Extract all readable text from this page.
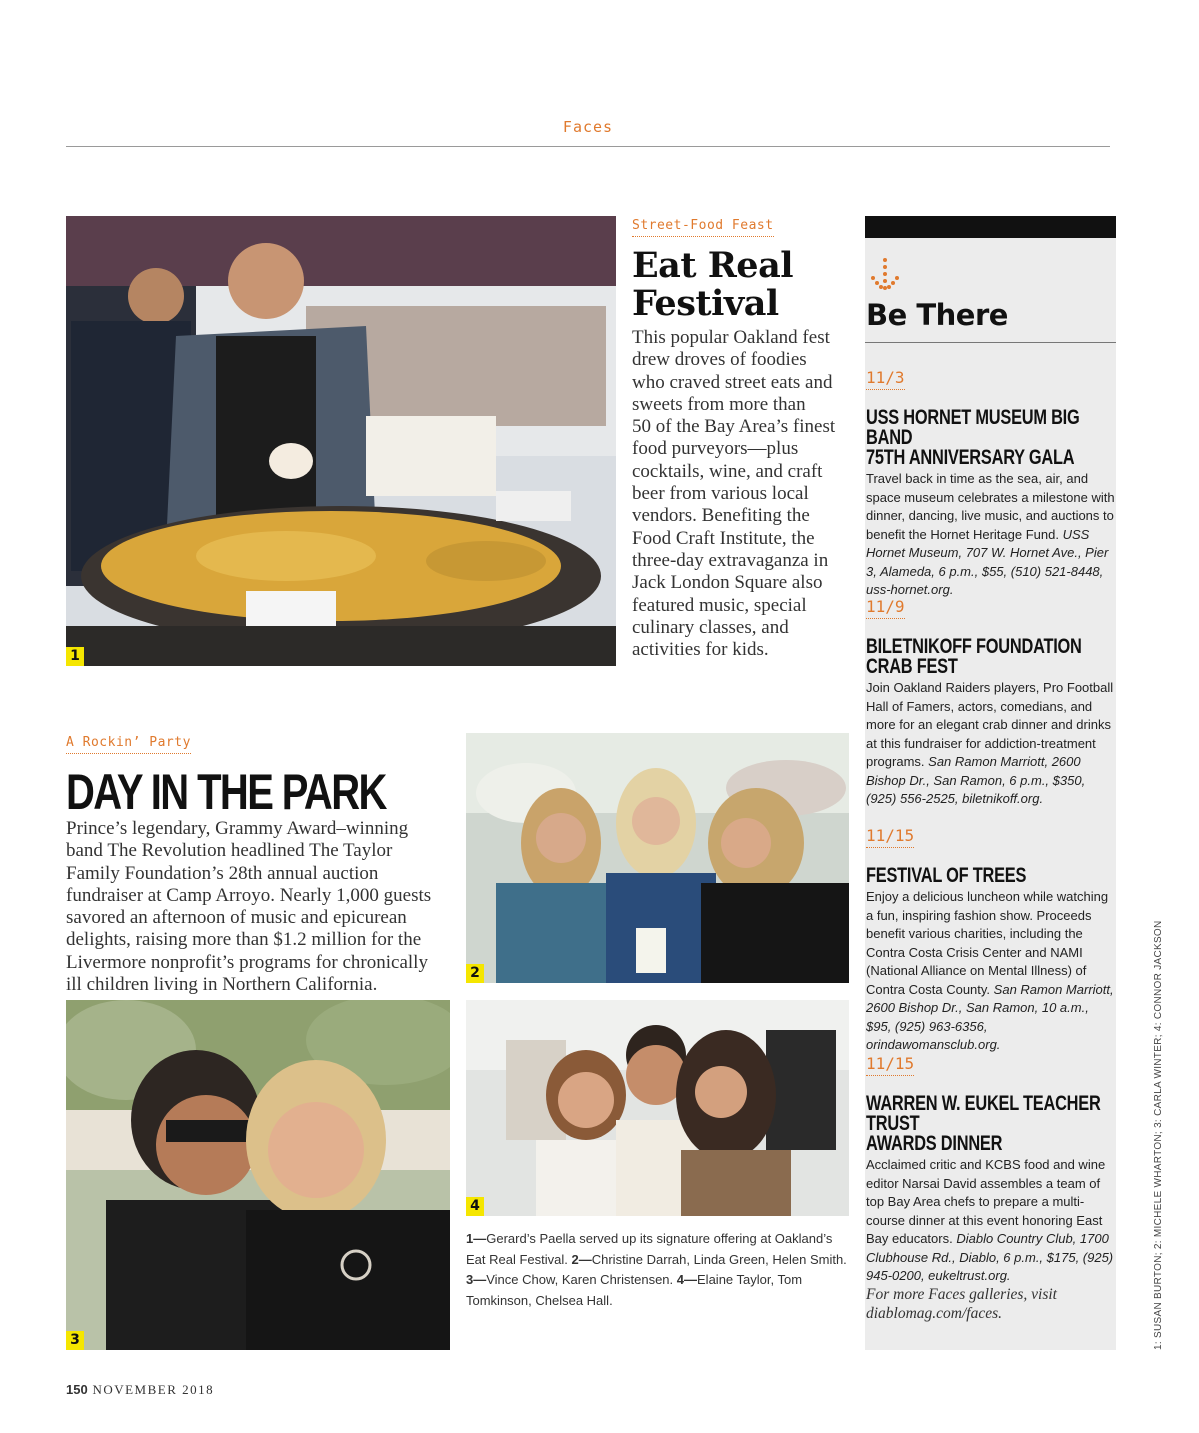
Faces
1
Street-Food Feast
Eat Real
Festival
This popular Oakland fest
drew droves of foodies
who craved street eats and
sweets from more than
50 of the Bay Area’s finest
food purveyors—plus
cocktails, wine, and craft
beer from various local
vendors. Benefiting the
Food Craft Institute, the
three-day extravaganza in
Jack London Square also
featured music, special
culinary classes, and
activities for kids.
A Rockin’ Party
DAY IN THE PARK
Prince’s legendary, Grammy Award–winning
band The Revolution headlined The Taylor
Family Foundation’s 28th annual auction
fundraiser at Camp Arroyo. Nearly 1,000 guests
savored an afternoon of music and epicurean
delights, raising more than $1.2 million for the
Livermore nonprofit’s programs for chronically
ill children living in Northern California.
2
3
4
1—Gerard’s Paella served up its signature offering at Oakland’s Eat Real Festival. 2—Christine Darrah, Linda Green, Helen Smith. 3—Vince Chow, Karen Christensen. 4—Elaine Taylor, Tom Tomkinson, Chelsea Hall.
Be There
11/3
USS HORNET MUSEUM BIG BAND
75TH ANNIVERSARY GALA
Travel back in time as the sea, air, and space museum celebrates a milestone with dinner, dancing, live music, and auctions to benefit the Hornet Heritage Fund. USS Hornet Museum, 707 W. Hornet Ave., Pier 3, Alameda, 6 p.m., $55, (510) 521-8448, uss-hornet.org.
11/9
BILETNIKOFF FOUNDATION
CRAB FEST
Join Oakland Raiders players, Pro Football Hall of Famers, actors, comedians, and more for an elegant crab dinner and drinks at this fundraiser for addiction-treatment programs. San Ramon Marriott, 2600 Bishop Dr., San Ramon, 6 p.m., $350, (925) 556-2525, biletnikoff.org.
11/15
FESTIVAL OF TREES
Enjoy a delicious luncheon while watching a fun, inspiring fashion show. Proceeds benefit various charities, including the Contra Costa Crisis Center and NAMI (National Alliance on Mental Illness) of Contra Costa County. San Ramon Marriott, 2600 Bishop Dr., San Ramon, 10 a.m., $95, (925) 963-6356, orindawomansclub.org.
11/15
WARREN W. EUKEL TEACHER TRUST
AWARDS DINNER
Acclaimed critic and KCBS food and wine editor Narsai David assembles a team of top Bay Area chefs to prepare a multi-course dinner at this event honoring East Bay educators. Diablo Country Club, 1700 Clubhouse Rd., Diablo, 6 p.m., $175, (925) 945-0200, eukeltrust.org.
For more Faces galleries, visit diablomag.com/faces.	1: SUSAN BURTON; 2: MICHELE WHARTON; 3: CARLA WINTER; 4: CONNOR JACKSON
150 NOVEMBER 2018
